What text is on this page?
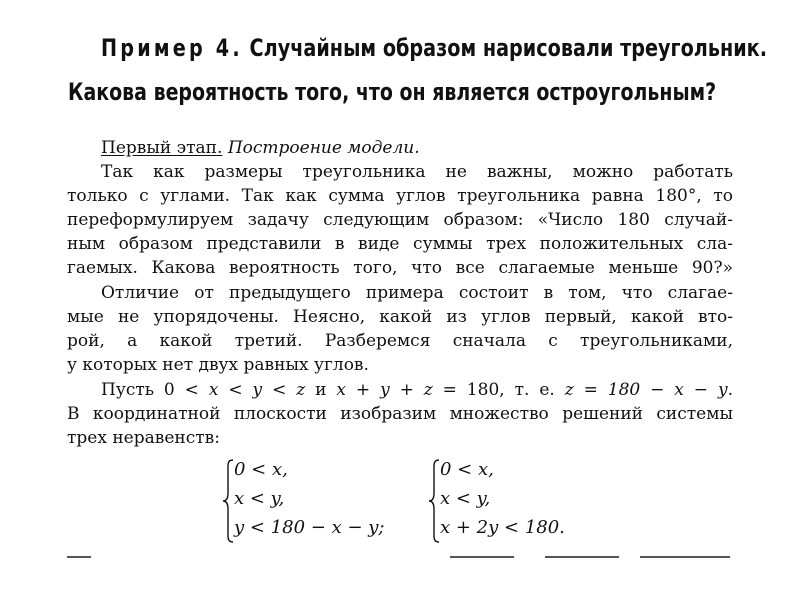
Пример 4. Случайным образом нарисовали треугольник.
Какова вероятность того, что он является остроугольным?
Первый этап. Построение модели.
Так как размеры треугольника не важны, можно работать
только с углами. Так как сумма углов треугольника равна 180°, то
переформулируем задачу следующим образом: «Число 180 случай-
ным образом представили в виде суммы трех положительных сла-
гаемых. Какова вероятность того, что все слагаемые меньше 90?»
Отличие от предыдущего примера состоит в том, что слагае-
мые не упорядочены. Неясно, какой из углов первый, какой вто-
рой, а какой третий. Разберемся сначала с треугольниками,
у которых нет двух равных углов.
Пусть 0 < x < y < z и x + y + z = 180, т. е. z = 180 − x − y.
В координатной плоскости изобразим множество решений системы
трех неравенств:
0 < x,
x < y,
y < 180 − x − y;
0 < x,
x < y,
x + 2y < 180.
